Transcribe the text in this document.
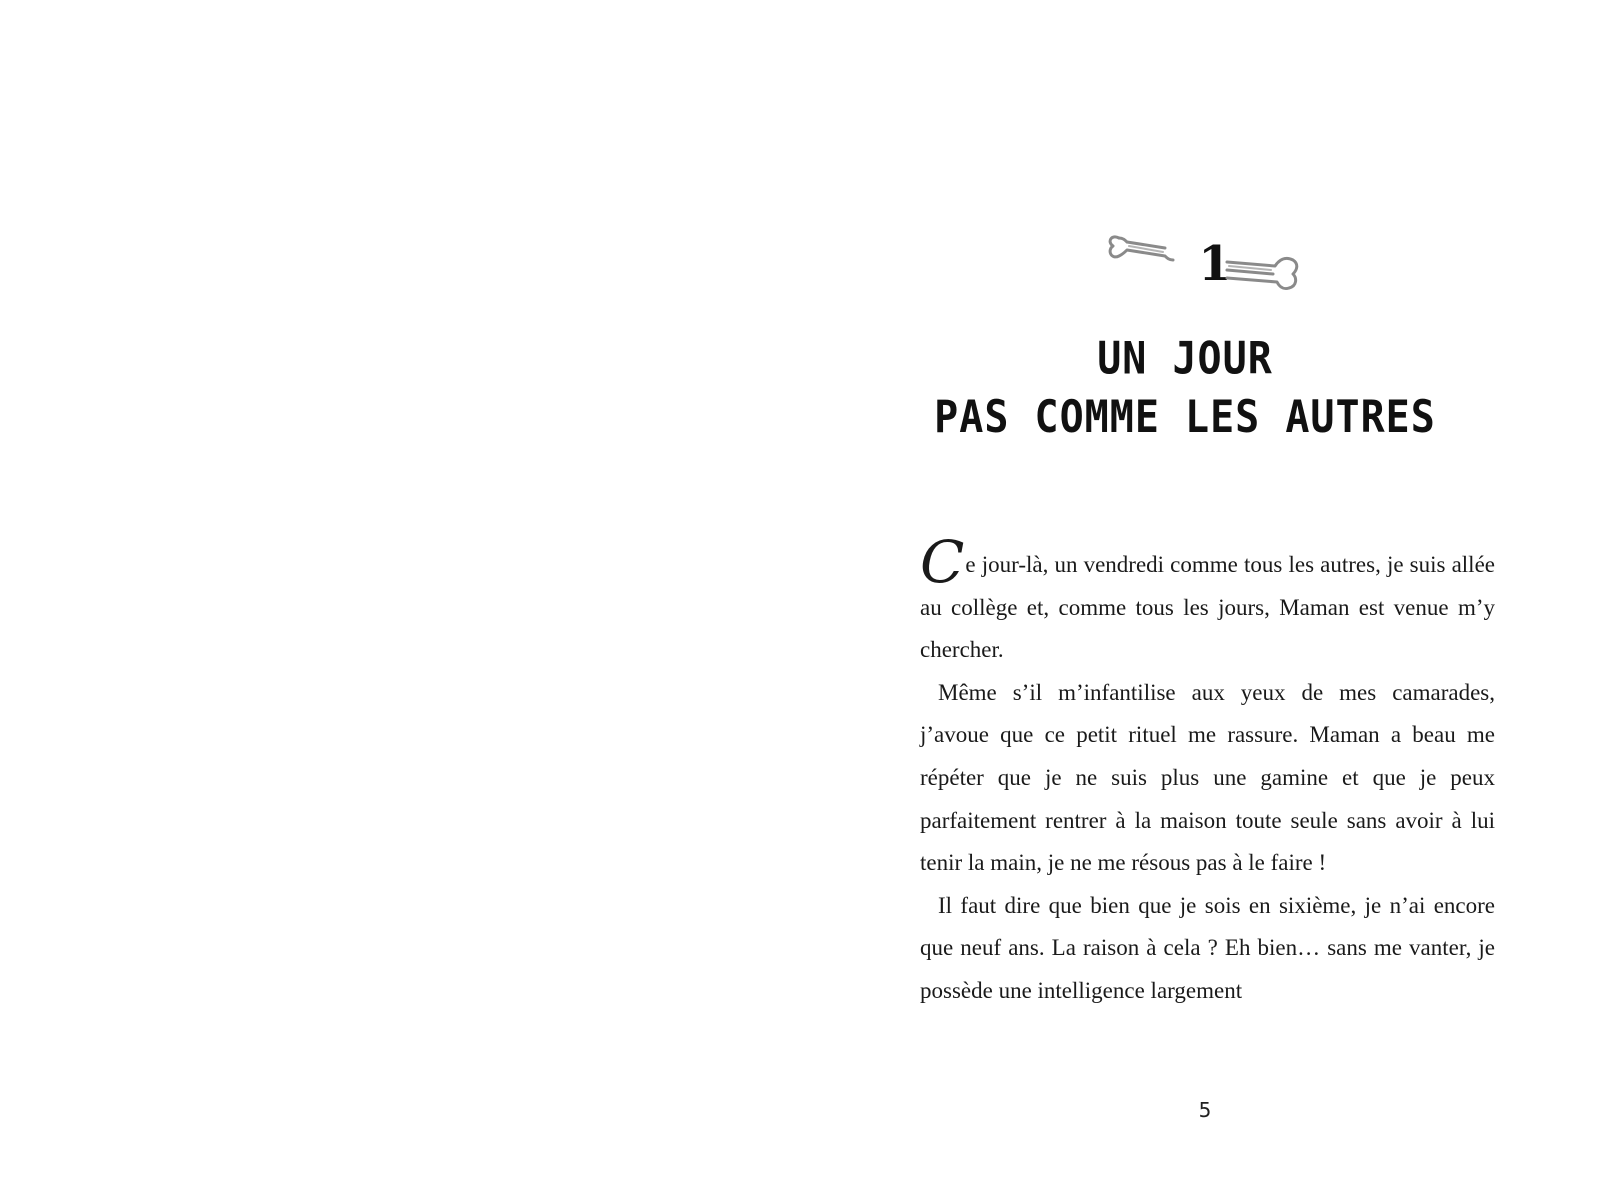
1
UN JOUR
PAS COMME LES AUTRES

Ce jour-là, un vendredi comme tous les autres, je suis allée au collège et, comme tous les jours, Maman est venue m’y chercher.

Même s’il m’infantilise aux yeux de mes camarades, j’avoue que ce petit rituel me rassure. Maman a beau me répéter que je ne suis plus une gamine et que je peux parfaitement rentrer à la maison toute seule sans avoir à lui tenir la main, je ne me résous pas à le faire !

Il faut dire que bien que je sois en sixième, je n’ai encore que neuf ans. La raison à cela ? Eh bien… sans me vanter, je possède une intelligence largement

5
